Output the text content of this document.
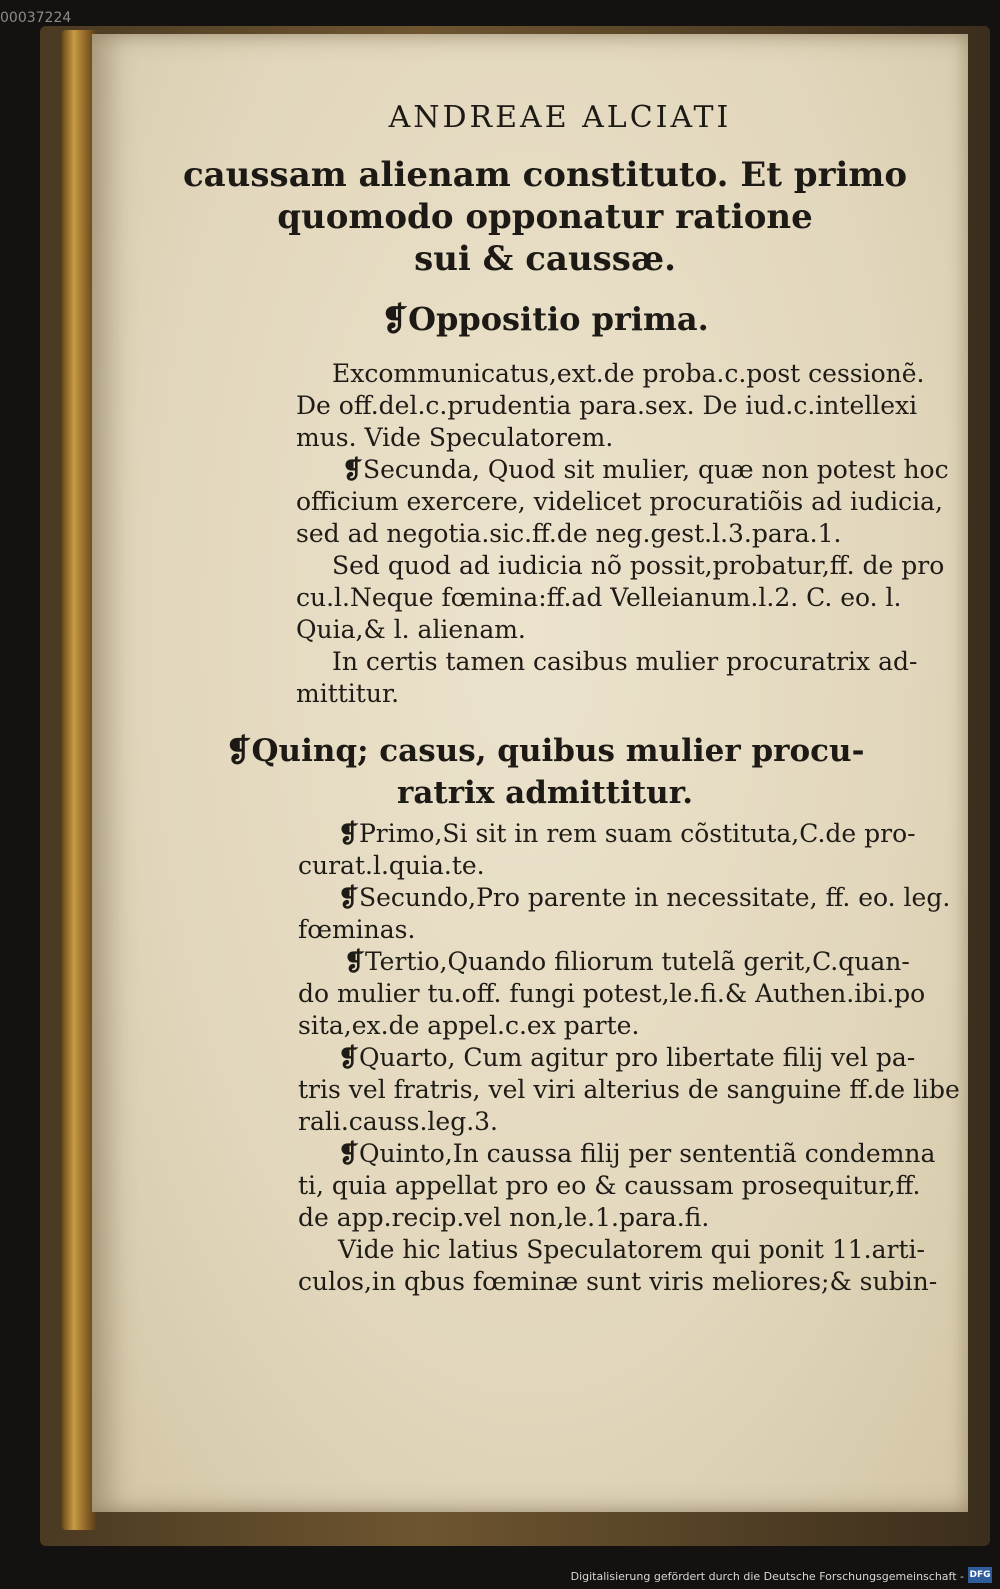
00037224
ANDREAE ALCIATI
caussam alienam constituto. Et primo
quomodo opponatur ratione
sui & caussæ.
❡Oppositio prima.
Excommunicatus,ext.de proba.c.post cessionẽ.
De off.del.c.prudentia para.sex. De iud.c.intellexi
mus. Vide Speculatorem.
❡Secunda, Quod sit mulier, quæ non potest hoc
officium exercere, videlicet procuratiõis ad iudicia,
sed ad negotia.sic.ff.de neg.gest.l.3.para.1.
Sed quod ad iudicia nõ possit,probatur,ff. de pro
cu.l.Neque fœmina:ff.ad Velleianum.l.2. C. eo. l.
Quia,& l. alienam.
In certis tamen casibus mulier procuratrix ad-
mittitur.
❡Quinq; casus, quibus mulier procu-
ratrix admittitur.
❡Primo,Si sit in rem suam cõstituta,C.de pro-
curat.l.quia.te.
❡Secundo,Pro parente in necessitate, ff. eo. leg.
fœminas.
❡Tertio,Quando filiorum tutelã gerit,C.quan-
do mulier tu.off. fungi potest,le.fi.& Authen.ibi.po
sita,ex.de appel.c.ex parte.
❡Quarto, Cum agitur pro libertate filij vel pa-
tris vel fratris, vel viri alterius de sanguine ff.de libe
rali.causs.leg.3.
❡Quinto,In caussa filij per sententiã condemna
ti, quia appellat pro eo & caussam prosequitur,ff.
de app.recip.vel non,le.1.para.fi.
Vide hic latius Speculatorem qui ponit 11.arti-
culos,in qbus fœminæ sunt viris meliores;& subin-
Digitalisierung gefördert durch die Deutsche Forschungsgemeinschaft - DFG
